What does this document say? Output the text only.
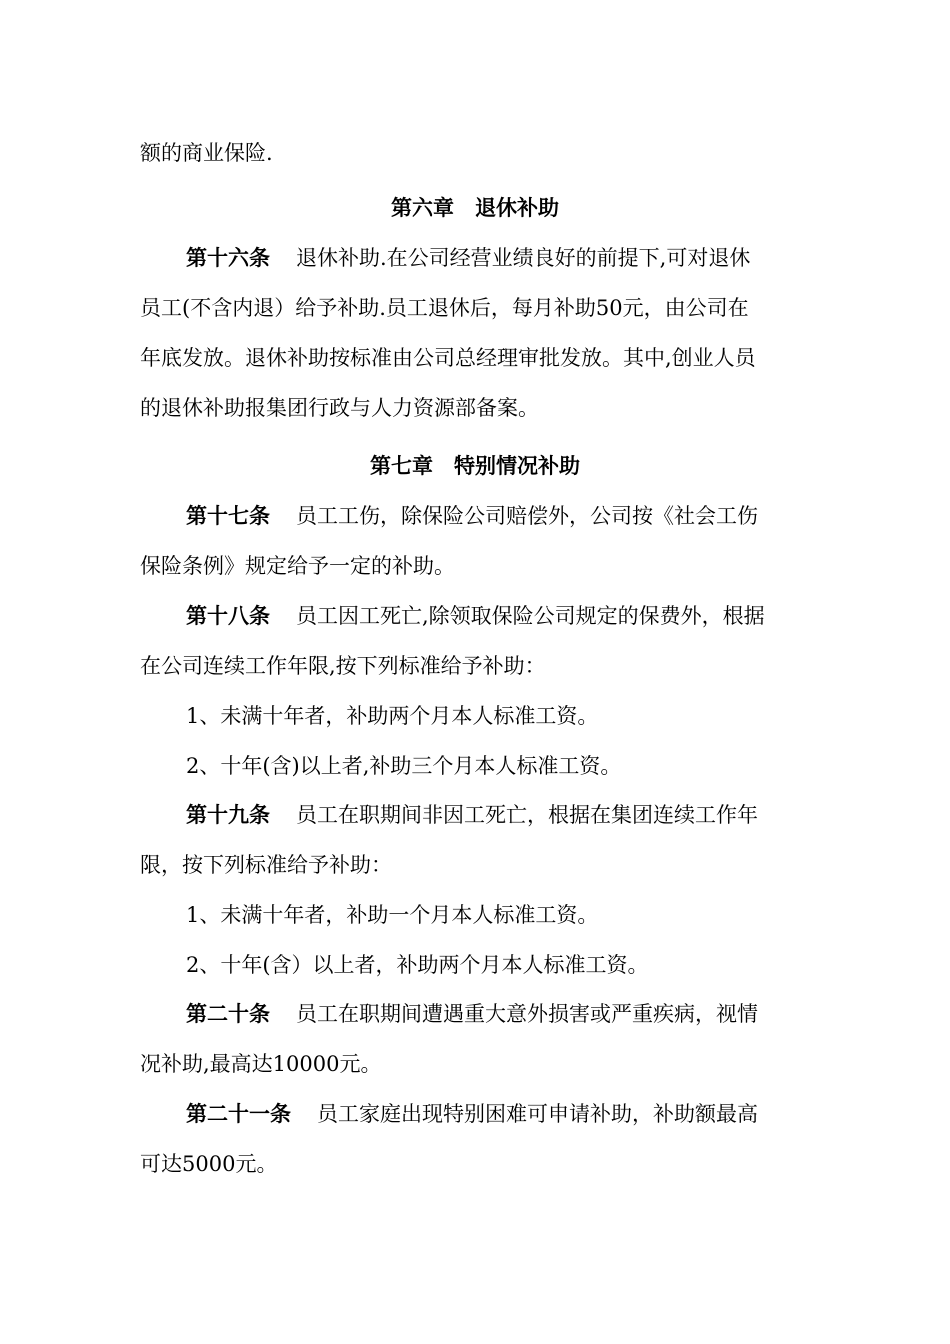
额的商业保险.
第六章　退休补助
第十六条 退休补助.在公司经营业绩良好的前提下,可对退休
员工(不含内退）给予补助.员工退休后，每月补助50元，由公司在
年底发放。退休补助按标准由公司总经理审批发放。其中,创业人员
的退休补助报集团行政与人力资源部备案。
第七章　特别情况补助
第十七条 员工工伤，除保险公司赔偿外，公司按《社会工伤
保险条例》规定给予一定的补助。
第十八条 员工因工死亡,除领取保险公司规定的保费外，根据
在公司连续工作年限,按下列标准给予补助：
1、未满十年者，补助两个月本人标准工资。
2、十年(含)以上者,补助三个月本人标准工资。
第十九条 员工在职期间非因工死亡，根据在集团连续工作年
限，按下列标准给予补助：
1、未满十年者，补助一个月本人标准工资。
2、十年(含）以上者，补助两个月本人标准工资。
第二十条 员工在职期间遭遇重大意外损害或严重疾病，视情
况补助,最高达10000元。
第二十一条 员工家庭出现特别困难可申请补助，补助额最高
可达5000元。
